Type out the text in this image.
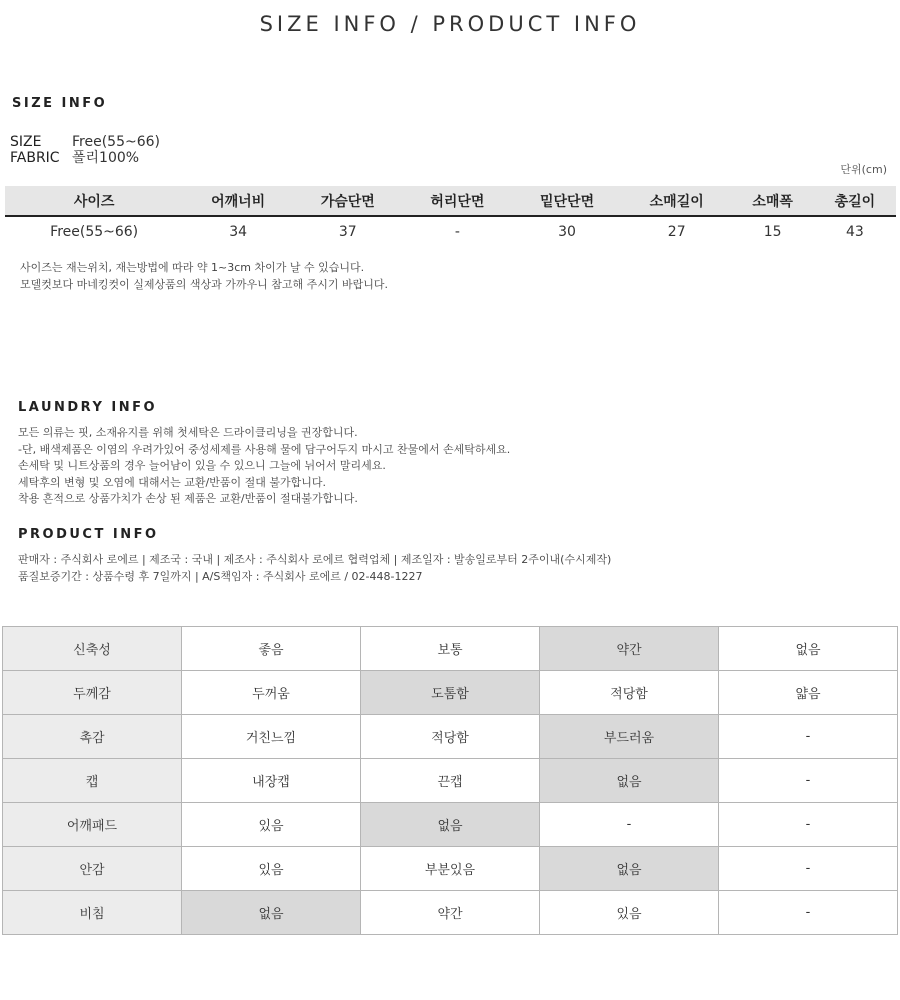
SIZE INFO / PRODUCT INFO
SIZE INFO
SIZE	Free(55~66)
FABRIC 폴리100%
단위(cm)
사이즈	어깨너비	가슴단면	허리단면	밑단단면	소매길이	소매폭	총길이
Free(55~66)	34	37	-	30	27	15	43
사이즈는 재는위치, 재는방법에 따라 약 1~3cm 차이가 날 수 있습니다.
모델컷보다 마네킹컷이 실제상품의 색상과 가까우니 참고해 주시기 바랍니다.
LAUNDRY INFO
모든 의류는 핏, 소재유지를 위해 첫세탁은 드라이클리닝을 권장합니다.
-단, 배색제품은 이염의 우려가있어 중성세제를 사용해 물에 담구어두지 마시고 찬물에서 손세탁하세요.
손세탁 및 니트상품의 경우 늘어남이 있을 수 있으니 그늘에 뉘어서 말리세요.
세탁후의 변형 및 오염에 대해서는 교환/반품이 절대 불가합니다.
착용 흔적으로 상품가치가 손상 된 제품은 교환/반품이 절대불가합니다.
PRODUCT INFO
판매자 : 주식회사 로에르 | 제조국 : 국내 | 제조사 : 주식회사 로에르 협력업체 | 제조일자 : 발송일로부터 2주이내(수시제작)
품질보증기간 : 상품수령 후 7일까지 | A/S책임자 : 주식회사 로에르 / 02-448-1227
신축성	좋음	보통	약간	없음
두께감	두꺼움	도톰함	적당함	얇음
촉감	거친느낌	적당함	부드러움	-
캡	내장캡	끈캡	없음	-
어깨패드	있음	없음	-	-
안감	있음	부분있음	없음	-
비침	없음	약간	있음	-
